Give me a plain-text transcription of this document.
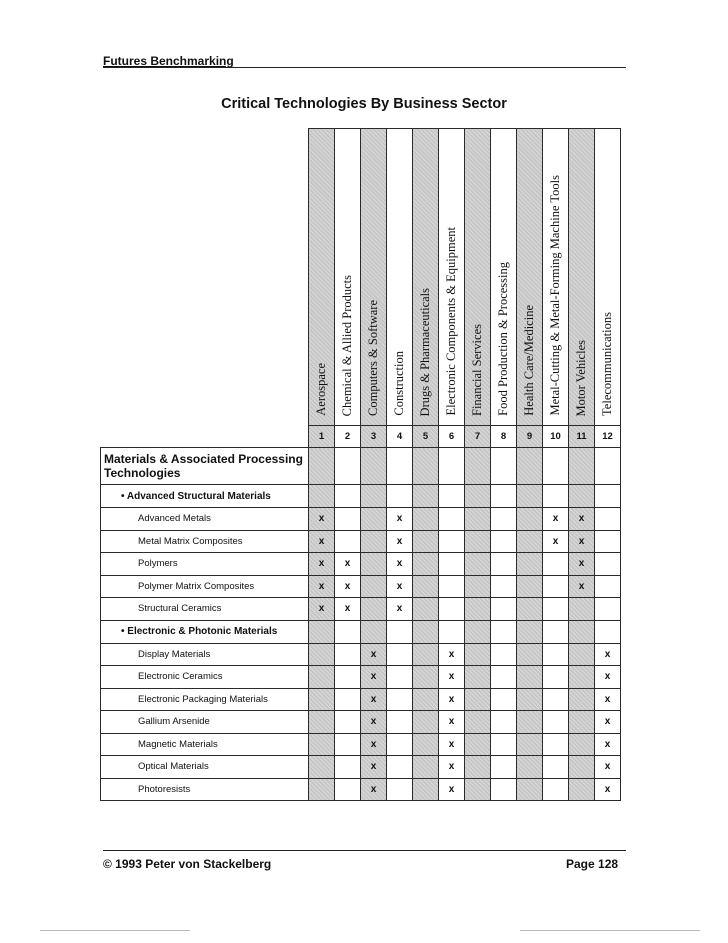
Futures Benchmarking
Critical Technologies By Business Sector
	Aerospace	Chemical & Allied Products	Computers & Software	Construction	Drugs & Pharmaceuticals	Electronic Components & Equipment	Financial Services	Food Production & Processing	Health Care/Medicine	Metal-Cutting & Metal-Forming Machine Tools	Motor Vehicles	Telecommunications
	1	2	3	4	5	6	7	8	9	10	11	12
Materials & Associated Processing Technologies												
• Advanced Structural Materials												
Advanced Metals	x			x						x	x	
Metal Matrix Composites	x			x						x	x	
Polymers	x	x		x							x	
Polymer Matrix Composites	x	x		x							x	
Structural Ceramics	x	x		x								
• Electronic & Photonic Materials												
Display Materials			x			x						x
Electronic Ceramics			x			x						x
Electronic Packaging Materials			x			x						x
Gallium Arsenide			x			x						x
Magnetic Materials			x			x						x
Optical Materials			x			x						x
Photoresists			x			x						x
© 1993 Peter von Stackelberg	Page 128
